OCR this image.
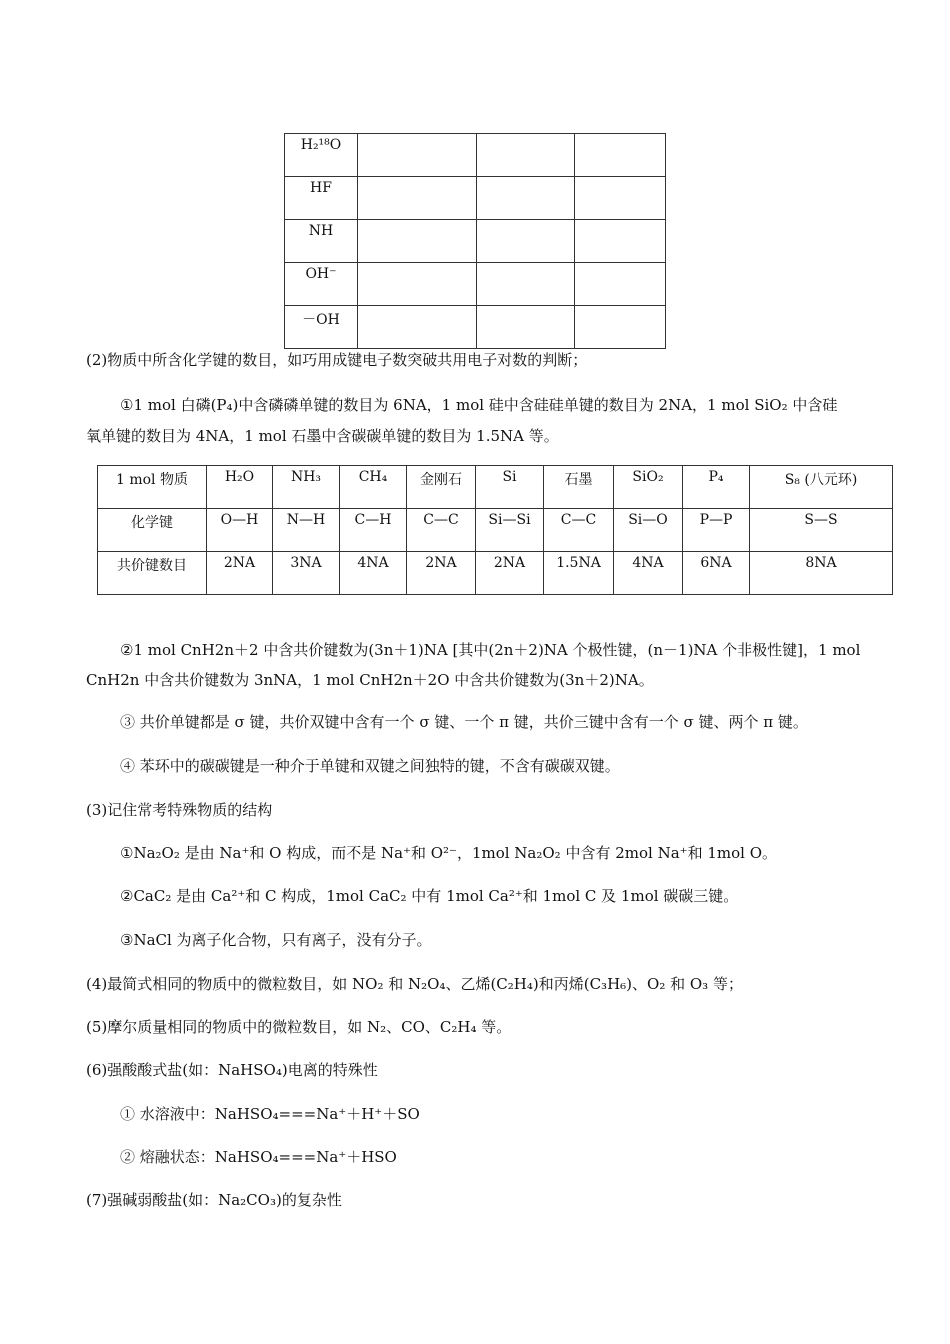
H₂¹⁸O			
HF			
NH			
OH⁻			
－OH			
(2)物质中所含化学键的数目，如巧用成键电子数突破共用电子对数的判断；
①1 mol 白磷(P₄)中含磷磷单键的数目为 6NA，1 mol 硅中含硅硅单键的数目为 2NA，1 mol SiO₂ 中含硅
氧单键的数目为 4NA，1 mol 石墨中含碳碳单键的数目为 1.5NA 等。
1 mol 物质	H₂O	NH₃	CH₄	金刚石	Si	石墨	SiO₂	P₄	S₈ (八元环)
化学键	O—H	N—H	C—H	C—C	Si—Si	C—C	Si—O	P—P	S—S
共价键数目	2NA	3NA	4NA	2NA	2NA	1.5NA	4NA	6NA	8NA
②1 mol CnH2n＋2 中含共价键数为(3n＋1)NA [其中(2n＋2)NA 个极性键，(n－1)NA 个非极性键]，1 mol
CnH2n 中含共价键数为 3nNA，1 mol CnH2n＋2O 中含共价键数为(3n＋2)NA。
③ 共价单键都是 σ 键，共价双键中含有一个 σ 键、一个 π 键，共价三键中含有一个 σ 键、两个 π 键。
④ 苯环中的碳碳键是一种介于单键和双键之间独特的键，不含有碳碳双键。
(3)记住常考特殊物质的结构
①Na₂O₂ 是由 Na⁺和 O 构成，而不是 Na⁺和 O²⁻，1mol Na₂O₂ 中含有 2mol Na⁺和 1mol O。
②CaC₂ 是由 Ca²⁺和 C 构成，1mol CaC₂ 中有 1mol Ca²⁺和 1mol C 及 1mol 碳碳三键。
③NaCl 为离子化合物，只有离子，没有分子。
(4)最简式相同的物质中的微粒数目，如 NO₂ 和 N₂O₄、乙烯(C₂H₄)和丙烯(C₃H₆)、O₂ 和 O₃ 等；
(5)摩尔质量相同的物质中的微粒数目，如 N₂、CO、C₂H₄ 等。
(6)强酸酸式盐(如：NaHSO₄)电离的特殊性
① 水溶液中：NaHSO₄===Na⁺＋H⁺＋SO
② 熔融状态：NaHSO₄===Na⁺＋HSO
(7)强碱弱酸盐(如：Na₂CO₃)的复杂性
